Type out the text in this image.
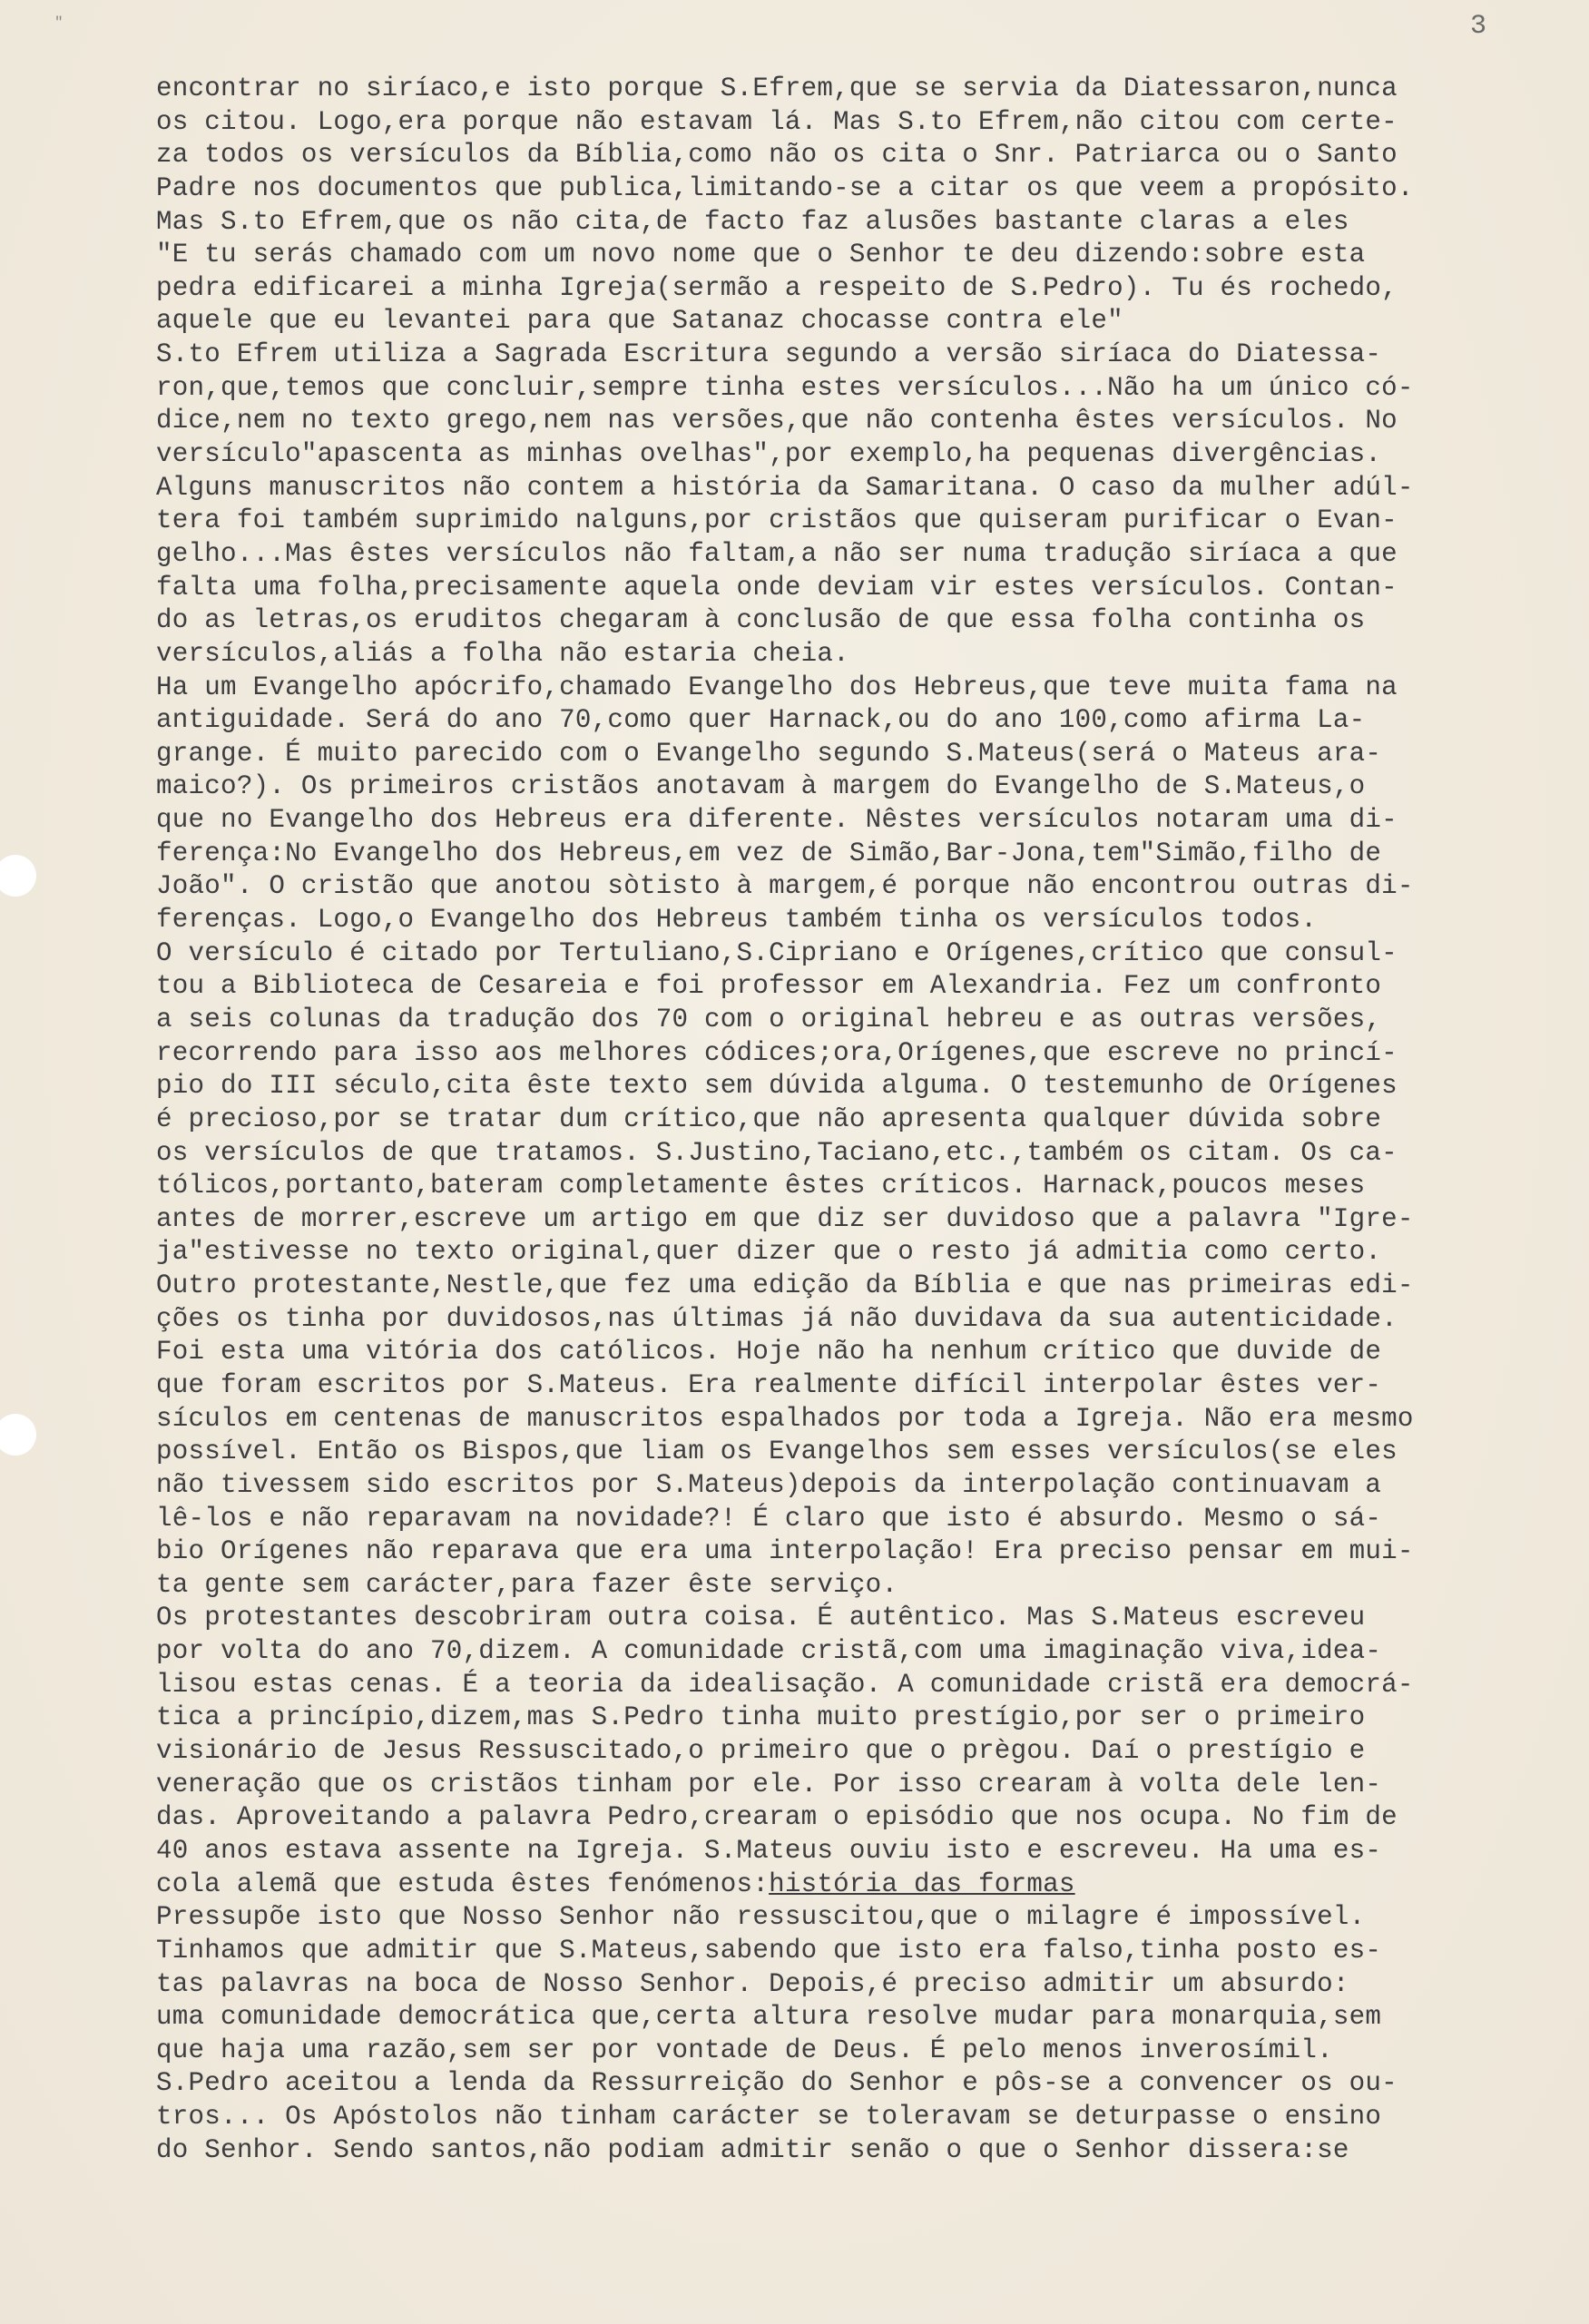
"	3
encontrar no siríaco,e isto porque S.Efrem,que se servia da Diatessaron,nunca
os citou. Logo,era porque não estavam lá. Mas S.to Efrem,não citou com certe-
za todos os versículos da Bíblia,como não os cita o Snr. Patriarca ou o Santo
Padre nos documentos que publica,limitando-se a citar os que veem a propósito.
Mas S.to Efrem,que os não cita,de facto faz alusões bastante claras a eles
"E tu serás chamado com um novo nome que o Senhor te deu dizendo:sobre esta
pedra edificarei a minha Igreja(sermão a respeito de S.Pedro). Tu és rochedo,
aquele que eu levantei para que Satanaz chocasse contra ele"
S.to Efrem utiliza a Sagrada Escritura segundo a versão siríaca do Diatessa-
ron,que,temos que concluir,sempre tinha estes versículos...Não ha um único có-
dice,nem no texto grego,nem nas versões,que não contenha êstes versículos. No
versículo"apascenta as minhas ovelhas",por exemplo,ha pequenas divergências.
Alguns manuscritos não contem a história da Samaritana. O caso da mulher adúl-
tera foi também suprimido nalguns,por cristãos que quiseram purificar o Evan-
gelho...Mas êstes versículos não faltam,a não ser numa tradução siríaca a que
falta uma folha,precisamente aquela onde deviam vir estes versículos. Contan-
do as letras,os eruditos chegaram à conclusão de que essa folha continha os
versículos,aliás a folha não estaria cheia.
Ha um Evangelho apócrifo,chamado Evangelho dos Hebreus,que teve muita fama na
antiguidade. Será do ano 70,como quer Harnack,ou do ano 100,como afirma La-
grange. É muito parecido com o Evangelho segundo S.Mateus(será o Mateus ara-
maico?). Os primeiros cristãos anotavam à margem do Evangelho de S.Mateus,o
que no Evangelho dos Hebreus era diferente. Nêstes versículos notaram uma di-
ferença:No Evangelho dos Hebreus,em vez de Simão,Bar-Jona,tem"Simão,filho de
João". O cristão que anotou sòtisto à margem,é porque não encontrou outras di-
ferenças. Logo,o Evangelho dos Hebreus também tinha os versículos todos.
O versículo é citado por Tertuliano,S.Cipriano e Orígenes,crítico que consul-
tou a Biblioteca de Cesareia e foi professor em Alexandria. Fez um confronto
a seis colunas da tradução dos 70 com o original hebreu e as outras versões,
recorrendo para isso aos melhores códices;ora,Orígenes,que escreve no princí-
pio do III século,cita êste texto sem dúvida alguma. O testemunho de Orígenes
é precioso,por se tratar dum crítico,que não apresenta qualquer dúvida sobre
os versículos de que tratamos. S.Justino,Taciano,etc.,também os citam. Os ca-
tólicos,portanto,bateram completamente êstes críticos. Harnack,poucos meses
antes de morrer,escreve um artigo em que diz ser duvidoso que a palavra "Igre-
ja"estivesse no texto original,quer dizer que o resto já admitia como certo.
Outro protestante,Nestle,que fez uma edição da Bíblia e que nas primeiras edi-
ções os tinha por duvidosos,nas últimas já não duvidava da sua autenticidade.
Foi esta uma vitória dos católicos. Hoje não ha nenhum crítico que duvide de
que foram escritos por S.Mateus. Era realmente difícil interpolar êstes ver-
sículos em centenas de manuscritos espalhados por toda a Igreja. Não era mesmo
possível. Então os Bispos,que liam os Evangelhos sem esses versículos(se eles
não tivessem sido escritos por S.Mateus)depois da interpolação continuavam a
lê-los e não reparavam na novidade?! É claro que isto é absurdo. Mesmo o sá-
bio Orígenes não reparava que era uma interpolação! Era preciso pensar em mui-
ta gente sem carácter,para fazer êste serviço.
Os protestantes descobriram outra coisa. É autêntico. Mas S.Mateus escreveu
por volta do ano 70,dizem. A comunidade cristã,com uma imaginação viva,idea-
lisou estas cenas. É a teoria da idealisação. A comunidade cristã era democrá-
tica a princípio,dizem,mas S.Pedro tinha muito prestígio,por ser o primeiro
visionário de Jesus Ressuscitado,o primeiro que o prègou. Daí o prestígio e
veneração que os cristãos tinham por ele. Por isso crearam à volta dele len-
das. Aproveitando a palavra Pedro,crearam o episódio que nos ocupa. No fim de
40 anos estava assente na Igreja. S.Mateus ouviu isto e escreveu. Ha uma es-
cola alemã que estuda êstes fenómenos:história das formas
Pressupõe isto que Nosso Senhor não ressuscitou,que o milagre é impossível.
Tinhamos que admitir que S.Mateus,sabendo que isto era falso,tinha posto es-
tas palavras na boca de Nosso Senhor. Depois,é preciso admitir um absurdo:
uma comunidade democrática que,certa altura resolve mudar para monarquia,sem
que haja uma razão,sem ser por vontade de Deus. É pelo menos inverosímil.
S.Pedro aceitou a lenda da Ressurreição do Senhor e pôs-se a convencer os ou-
tros... Os Apóstolos não tinham carácter se toleravam se deturpasse o ensino
do Senhor. Sendo santos,não podiam admitir senão o que o Senhor dissera:se
